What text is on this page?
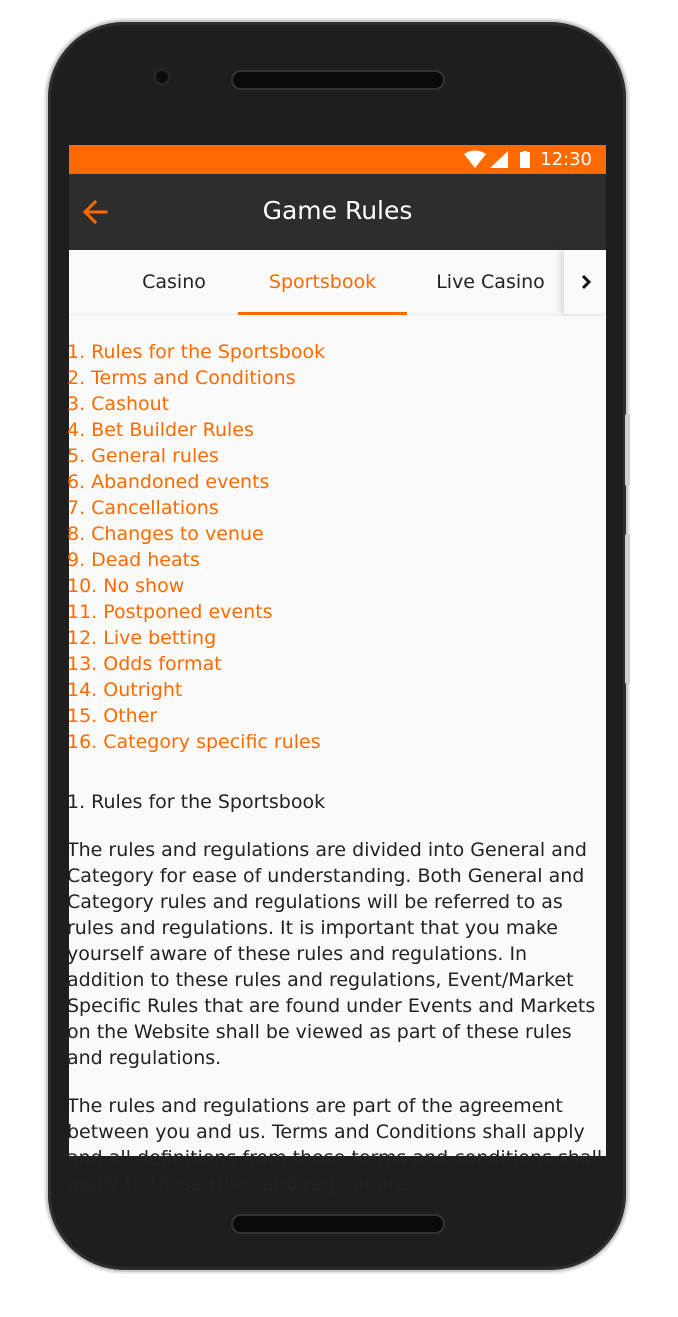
12:30
Game Rules
Casino	Sportsbook	Live Casino
1. Rules for the Sportsbook
2. Terms and Conditions
3. Cashout
4. Bet Builder Rules
5. General rules
6. Abandoned events
7. Cancellations
8. Changes to venue
9. Dead heats
10. No show
11. Postponed events
12. Live betting
13. Odds format
14. Outright
15. Other
16. Category specific rules
1. Rules for the Sportsbook

The rules and regulations are divided into General and Category for ease of understanding. Both General and Category rules and regulations will be referred to as rules and regulations. It is important that you make yourself aware of these rules and regulations. In addition to these rules and regulations, Event/Market Specific Rules that are found under Events and Markets on the Website shall be viewed as part of these rules and regulations.

The rules and regulations are part of the agreement between you and us. Terms and Conditions shall apply and all definitions from those terms and conditions shall apply to these rules and regulations.
